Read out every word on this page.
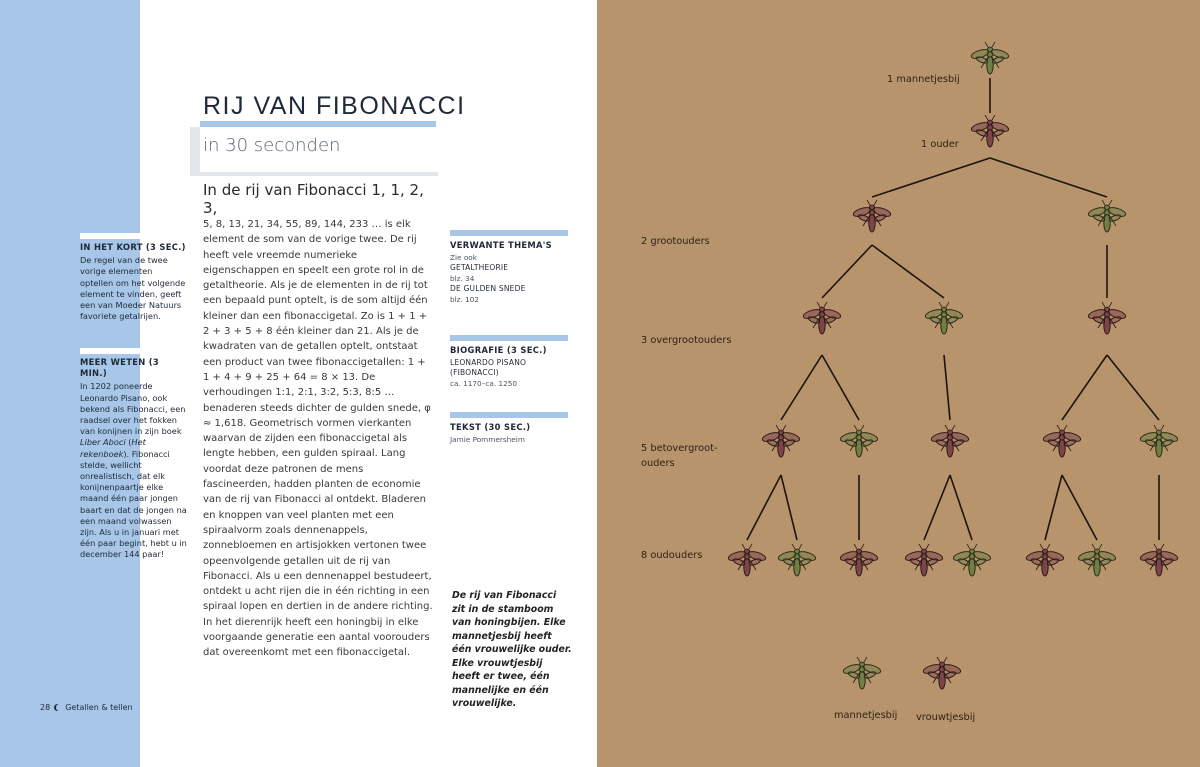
IN HET KORT (3 SEC.)
De regel van de twee vorige elementen optellen om het volgende element te vinden, geeft een van Moeder Natuurs favoriete getalrijen.
MEER WETEN (3 MIN.)
In 1202 poneerde Leonardo Pisano, ook bekend als Fibonacci, een raadsel over het fokken van konijnen in zijn boek Liber Aboci (Het rekenboek). Fibonacci stelde, wellicht onrealistisch, dat elk konijnenpaartje elke maand één paar jongen baart en dat de jongen na een maand volwassen zijn. Als u in januari met één paar begint, hebt u in december 144 paar!
28 Getallen & tellen
RIJ VAN FIBONACCI
in 30 seconden
In de rij van Fibonacci 1, 1, 2, 3,
5, 8, 13, 21, 34, 55, 89, 144, 233 … is elk element de som van de vorige twee. De rij heeft vele vreemde numerieke eigenschappen en speelt een grote rol in de getaltheorie. Als je de elementen in de rij tot een bepaald punt optelt, is de som altijd één kleiner dan een fibonaccigetal. Zo is 1 + 1 + 2 + 3 + 5 + 8 één kleiner dan 21. Als je de kwadraten van de getallen optelt, ontstaat een product van twee fibonaccigetallen: 1 + 1 + 4 + 9 + 25 + 64 = 8 × 13. De verhoudingen 1:1, 2:1, 3:2, 5:3, 8:5 … benaderen steeds dichter de gulden snede, φ ≈ 1,618. Geometrisch vormen vierkanten waarvan de zijden een fibonaccigetal als lengte hebben, een gulden spiraal. Lang voordat deze patronen de mens fascineerden, hadden planten de economie van de rij van Fibonacci al ontdekt. Bladeren en knoppen van veel planten met een spiraalvorm zoals dennenappels, zonnebloemen en artisjokken vertonen twee opeenvolgende getallen uit de rij van Fibonacci. Als u een dennenappel bestudeert, ontdekt u acht rijen die in één richting in een spiraal lopen en dertien in de andere richting. In het dierenrijk heeft een honingbij in elke voorgaande generatie een aantal voorouders dat overeenkomt met een fibonaccigetal.
VERWANTE THEMA'S
Zie ook
GETALTHEORIE
blz. 34
DE GULDEN SNEDE
blz. 102
BIOGRAFIE (3 SEC.)
LEONARDO PISANO
(FIBONACCI)
ca. 1170–ca. 1250
TEKST (30 SEC.)
Jamie Pommersheim
De rij van Fibonacci zit in de stamboom van honingbijen. Elke mannetjesbij heeft één vrouwelijke ouder. Elke vrouwtjesbij heeft er twee, één mannelijke en één vrouwelijke.
1 mannetjesbij
1 ouder
2 grootouders
3 overgrootouders
5 betovergroot-
ouders
8 oudouders
mannetjesbij vrouwtjesbij
